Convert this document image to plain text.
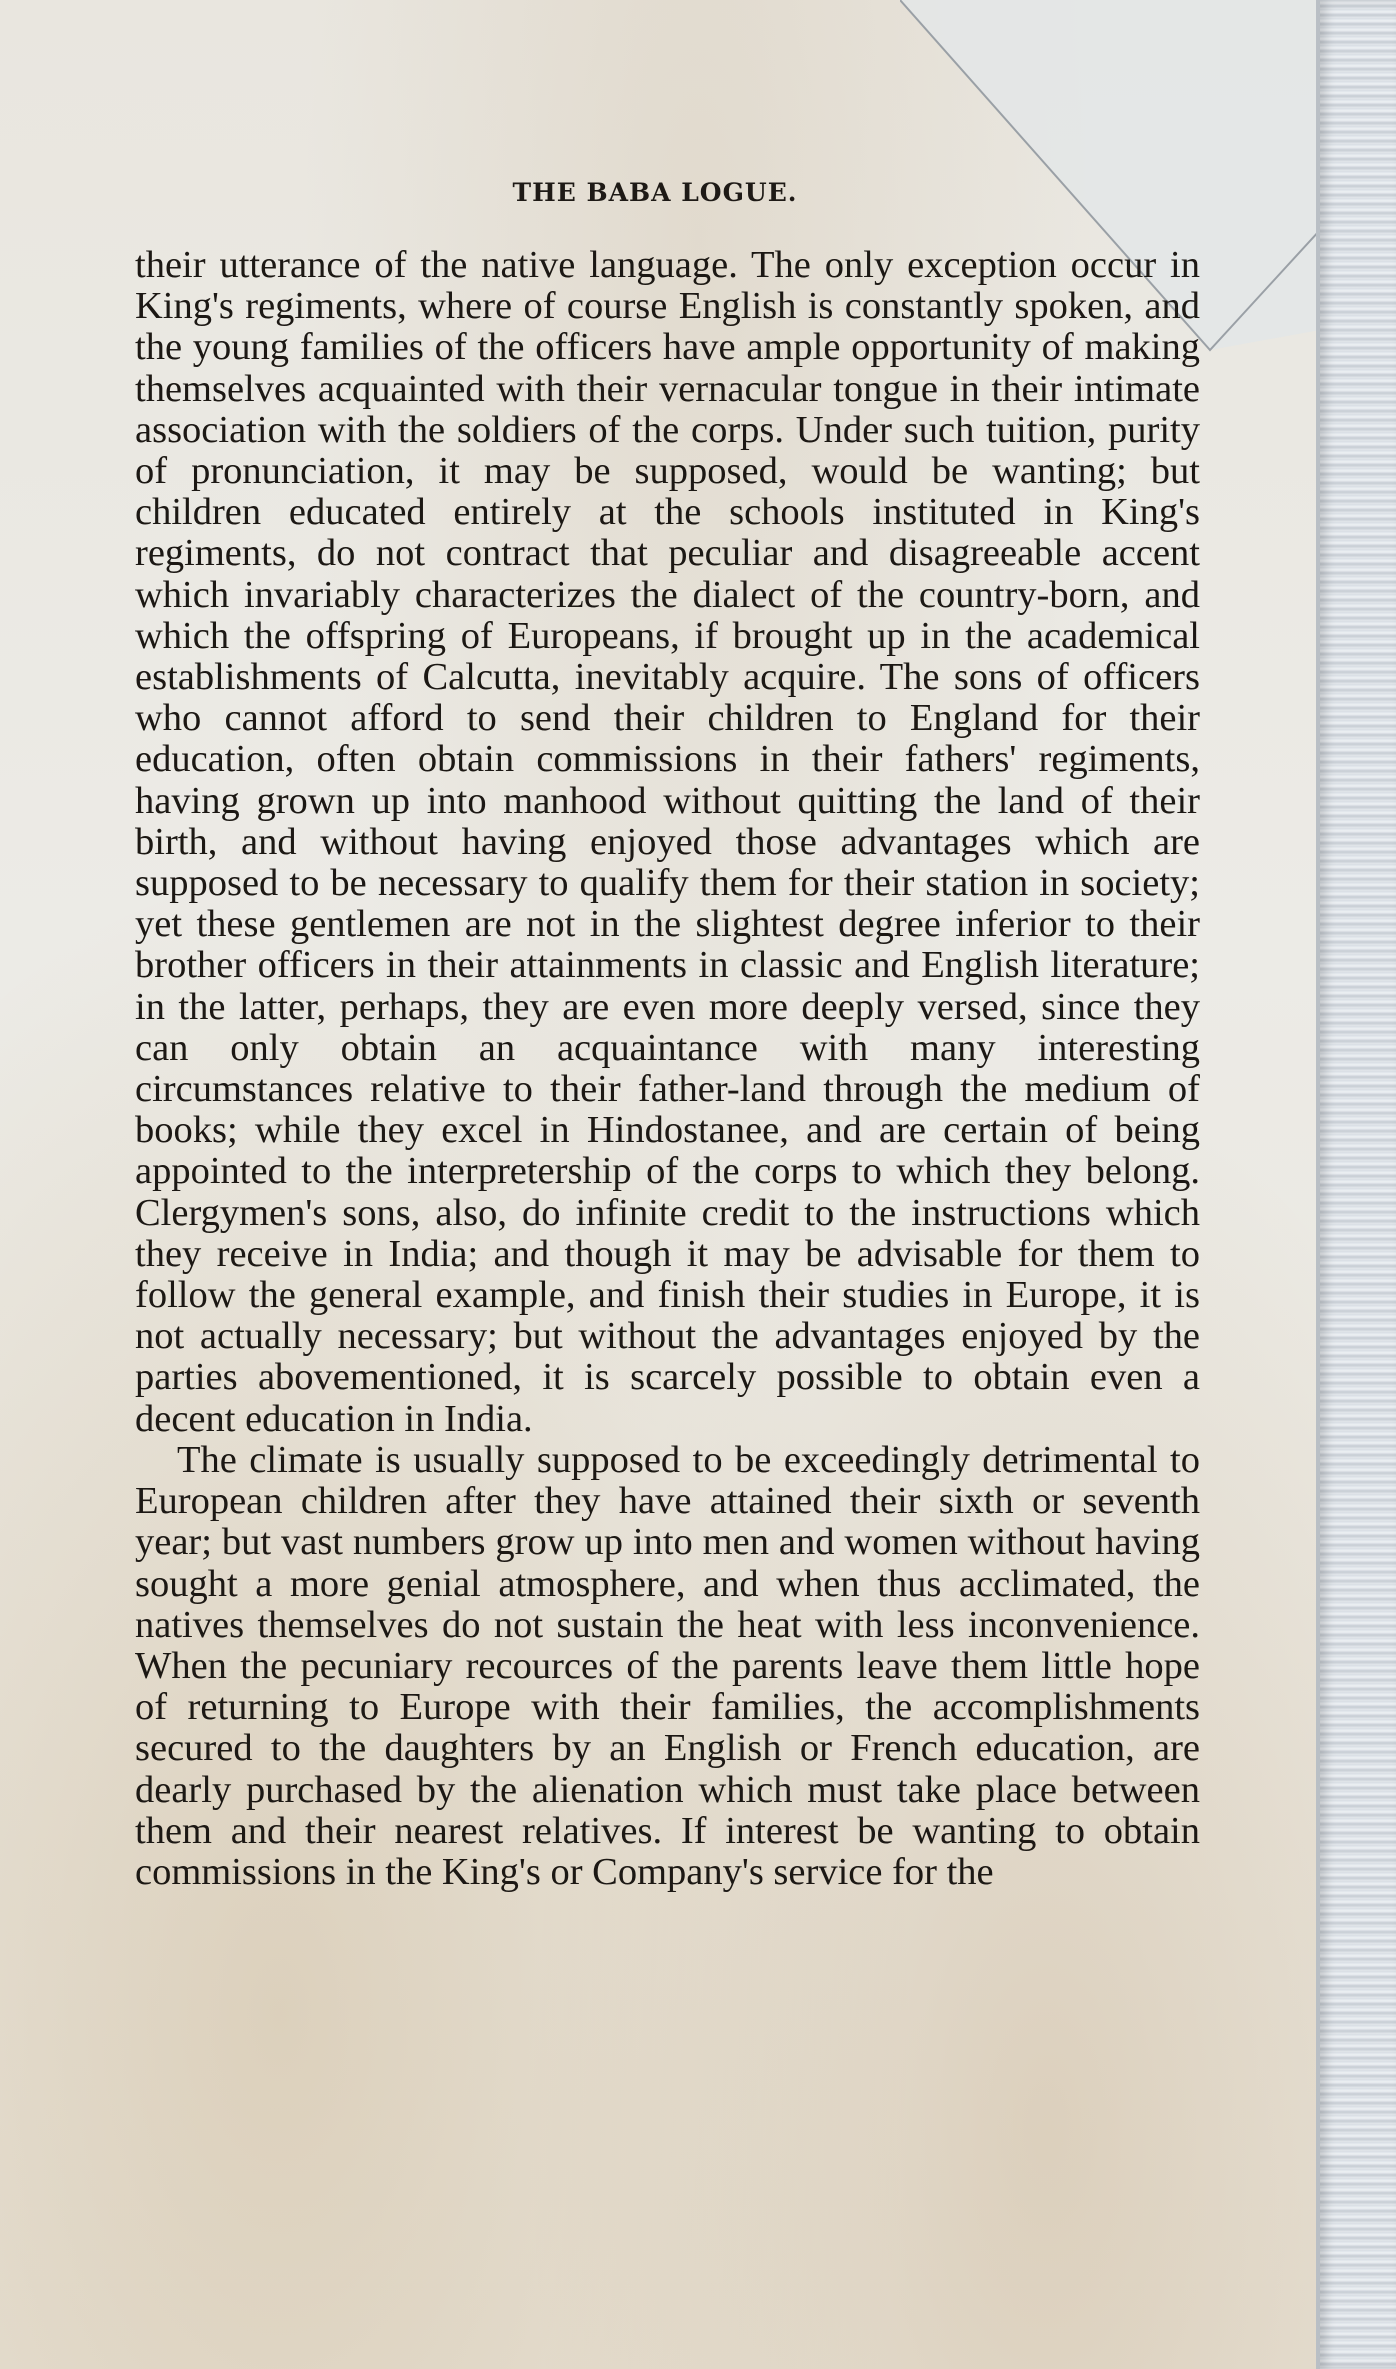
THE BABA LOGUE.

their utterance of the native language. The only exception occur in King's regiments, where of course English is constantly spoken, and the young families of the officers have ample opportunity of making themselves acquainted with their vernacular tongue in their intimate association with the soldiers of the corps. Under such tuition, purity of pronunciation, it may be supposed, would be wanting; but children educated entirely at the schools instituted in King's regiments, do not contract that peculiar and disagreeable accent which invariably characterizes the dialect of the country-born, and which the offspring of Europeans, if brought up in the academical establishments of Calcutta, inevitably acquire. The sons of officers who cannot afford to send their children to England for their education, often obtain commissions in their fathers' regiments, having grown up into manhood without quitting the land of their birth, and without having enjoyed those advantages which are supposed to be necessary to qualify them for their station in society; yet these gentlemen are not in the slightest degree inferior to their brother officers in their attainments in classic and English literature; in the latter, perhaps, they are even more deeply versed, since they can only obtain an acquaintance with many interesting circumstances relative to their father-land through the medium of books; while they excel in Hindostanee, and are certain of being appointed to the interpretership of the corps to which they belong. Clergymen's sons, also, do infinite credit to the instructions which they receive in India; and though it may be advisable for them to follow the general example, and finish their studies in Europe, it is not actually necessary; but without the advantages enjoyed by the parties abovementioned, it is scarcely possible to obtain even a decent education in India.

The climate is usually supposed to be exceedingly detrimental to European children after they have attained their sixth or seventh year; but vast numbers grow up into men and women without having sought a more genial atmosphere, and when thus acclimated, the natives themselves do not sustain the heat with less inconvenience. When the pecuniary recources of the parents leave them little hope of returning to Europe with their families, the accomplishments secured to the daughters by an English or French education, are dearly purchased by the alienation which must take place between them and their nearest relatives. If interest be wanting to obtain commissions in the King's or Company's service for the
